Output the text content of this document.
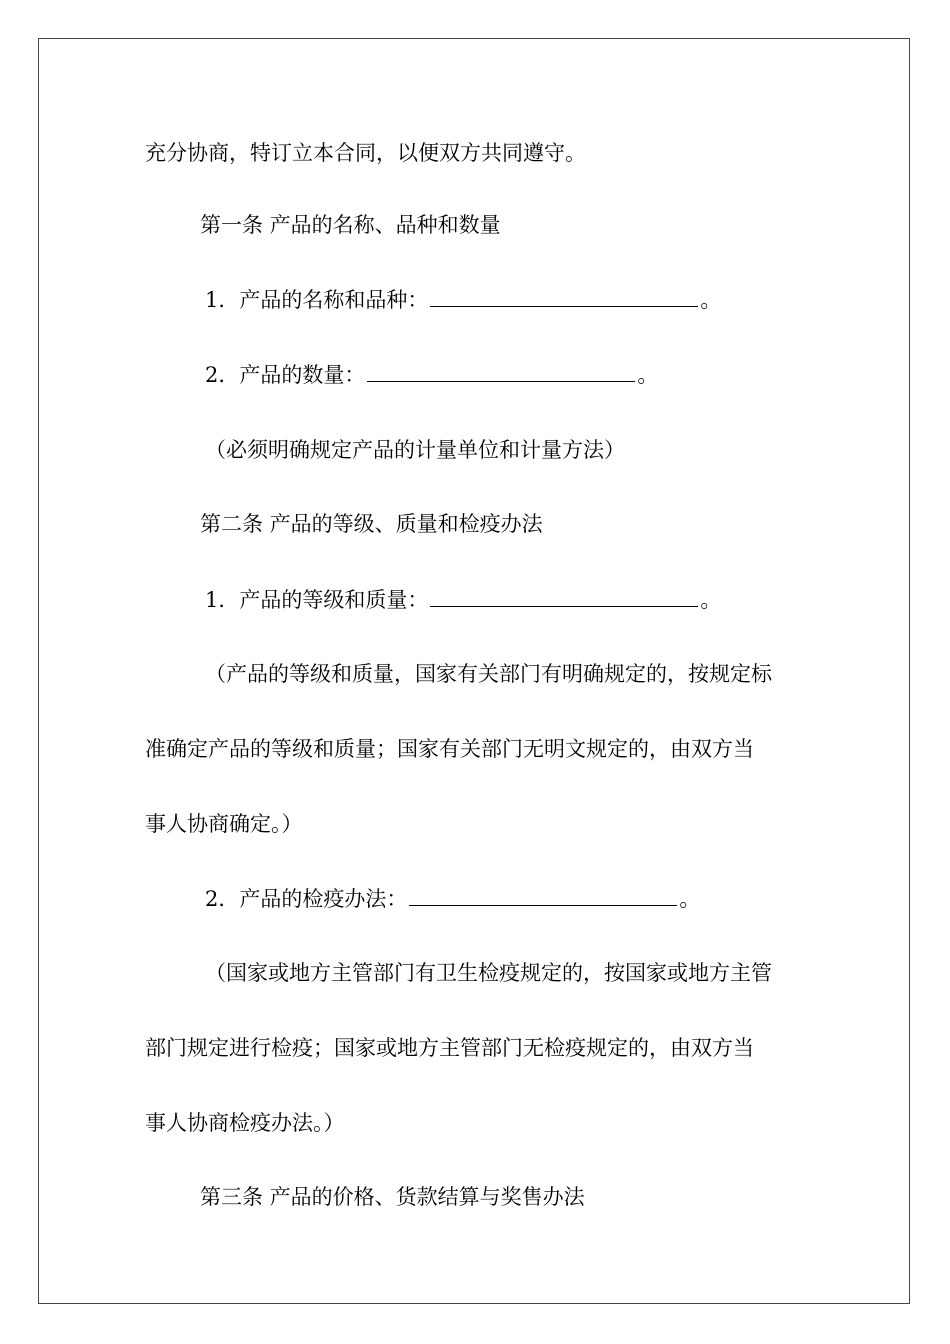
充分协商，特订立本合同，以便双方共同遵守。
第一条 产品的名称、品种和数量
1．产品的名称和品种：	。
2．产品的数量：	。
（必须明确规定产品的计量单位和计量方法）
第二条 产品的等级、质量和检疫办法
1．产品的等级和质量：	。
（产品的等级和质量，国家有关部门有明确规定的，按规定标
准确定产品的等级和质量；国家有关部门无明文规定的，由双方当
事人协商确定。）
2．产品的检疫办法：	。
（国家或地方主管部门有卫生检疫规定的，按国家或地方主管
部门规定进行检疫；国家或地方主管部门无检疫规定的，由双方当
事人协商检疫办法。）
第三条 产品的价格、货款结算与奖售办法
